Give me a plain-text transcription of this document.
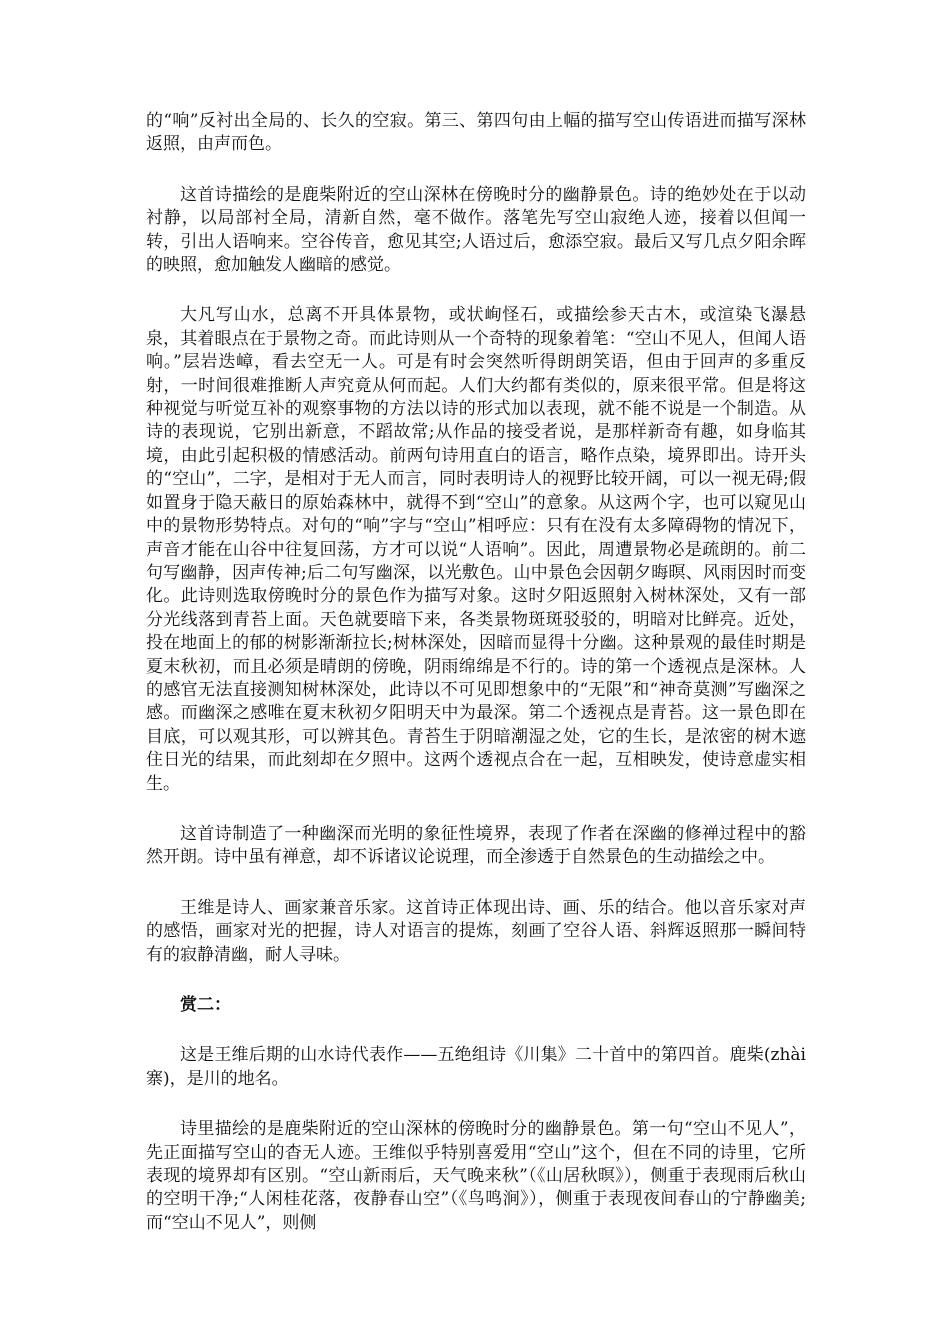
的“响”反衬出全局的、长久的空寂。第三、第四句由上幅的描写空山传语进而描写深林返照，由声而色。

这首诗描绘的是鹿柴附近的空山深林在傍晚时分的幽静景色。诗的绝妙处在于以动衬静，以局部衬全局，清新自然，毫不做作。落笔先写空山寂绝人迹，接着以但闻一转，引出人语响来。空谷传音，愈见其空;人语过后，愈添空寂。最后又写几点夕阳余晖的映照，愈加触发人幽暗的感觉。

大凡写山水，总离不开具体景物，或状峋怪石，或描绘参天古木，或渲染飞瀑悬泉，其着眼点在于景物之奇。而此诗则从一个奇特的现象着笔：“空山不见人，但闻人语响。”层岩迭嶂，看去空无一人。可是有时会突然听得朗朗笑语，但由于回声的多重反射，一时间很难推断人声究竟从何而起。人们大约都有类似的，原来很平常。但是将这种视觉与听觉互补的观察事物的方法以诗的形式加以表现，就不能不说是一个制造。从诗的表现说，它别出新意，不蹈故常;从作品的接受者说，是那样新奇有趣，如身临其境，由此引起积极的情感活动。前两句诗用直白的语言，略作点染，境界即出。诗开头的“空山”，二字，是相对于无人而言，同时表明诗人的视野比较开阔，可以一视无碍;假如置身于隐天蔽日的原始森林中，就得不到“空山”的意象。从这两个字，也可以窥见山中的景物形势特点。对句的“响”字与“空山”相呼应：只有在没有太多障碍物的情况下，声音才能在山谷中往复回荡，方才可以说“人语响”。因此，周遭景物必是疏朗的。前二句写幽静，因声传神;后二句写幽深，以光敷色。山中景色会因朝夕晦暝、风雨因时而变化。此诗则选取傍晚时分的景色作为描写对象。这时夕阳返照射入树林深处，又有一部分光线落到青苔上面。天色就要暗下来，各类景物斑斑驳驳的，明暗对比鲜亮。近处，投在地面上的郁的树影渐渐拉长;树林深处，因暗而显得十分幽。这种景观的最佳时期是夏末秋初，而且必须是晴朗的傍晚，阴雨绵绵是不行的。诗的第一个透视点是深林。人的感官无法直接测知树林深处，此诗以不可见即想象中的“无限”和“神奇莫测”写幽深之感。而幽深之感唯在夏末秋初夕阳明天中为最深。第二个透视点是青苔。这一景色即在目底，可以观其形，可以辨其色。青苔生于阴暗潮湿之处，它的生长，是浓密的树木遮住日光的结果，而此刻却在夕照中。这两个透视点合在一起，互相映发，使诗意虚实相生。

这首诗制造了一种幽深而光明的象征性境界，表现了作者在深幽的修禅过程中的豁然开朗。诗中虽有禅意，却不诉诸议论说理，而全渗透于自然景色的生动描绘之中。

王维是诗人、画家兼音乐家。这首诗正体现出诗、画、乐的结合。他以音乐家对声的感悟，画家对光的把握，诗人对语言的提炼，刻画了空谷人语、斜辉返照那一瞬间特有的寂静清幽，耐人寻味。

赏二：

这是王维后期的山水诗代表作——五绝组诗《川集》二十首中的第四首。鹿柴(zhài 寨)，是川的地名。

诗里描绘的是鹿柴附近的空山深林的傍晚时分的幽静景色。第一句“空山不见人”，先正面描写空山的杳无人迹。王维似乎特别喜爱用“空山”这个，但在不同的诗里，它所表现的境界却有区别。“空山新雨后，天气晚来秋”（《山居秋暝》），侧重于表现雨后秋山的空明干净;“人闲桂花落，夜静春山空”（《鸟鸣涧》），侧重于表现夜间春山的宁静幽美;而“空山不见人”，则侧
